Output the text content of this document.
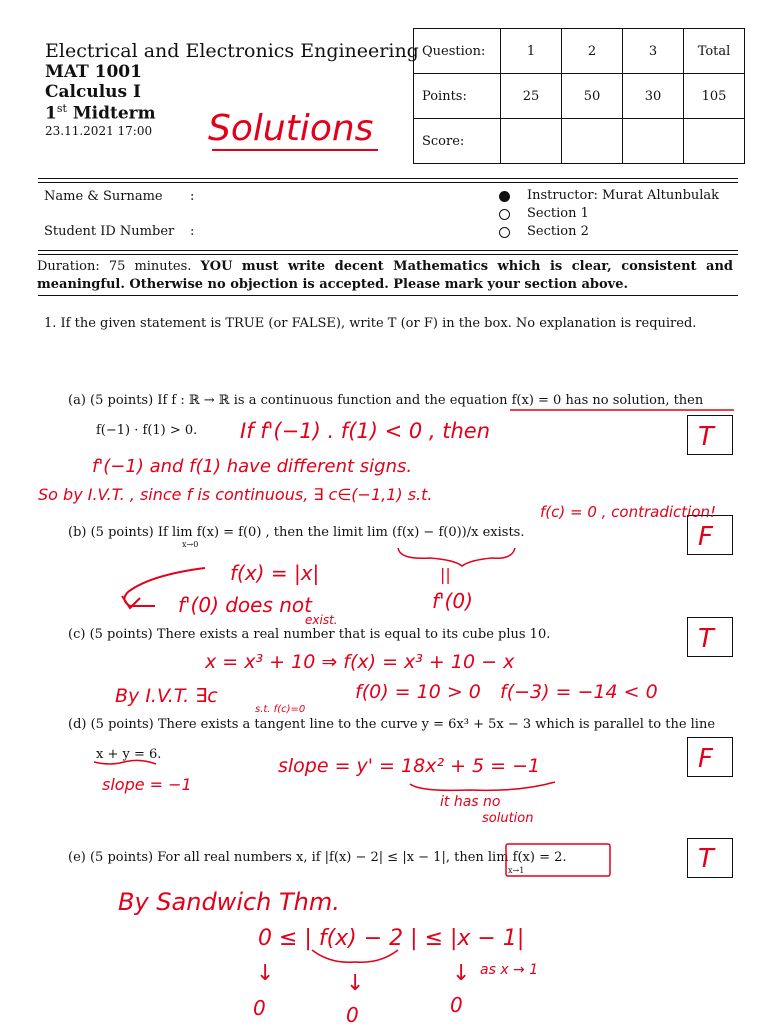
Electrical and Electronics Engineering
MAT 1001
Calculus I
1st Midterm
23.11.2021 17:00
Question:	1	2	3	Total
Points:	25	50	30	105
Score:				
Name & Surname :
Student ID Number :
Instructor: Murat Altunbulak
Section 1
Section 2
Duration: 75 minutes. YOU must write decent Mathematics which is clear, consistent and meaningful. Otherwise no objection is accepted. Please mark your section above.
1. If the given statement is TRUE (or FALSE), write T (or F) in the box. No explanation is required.
(a) (5 points) If f : ℝ → ℝ is a continuous function and the equation f(x) = 0 has no solution, then
f(−1) · f(1) > 0.
(b) (5 points) If lim f(x) = f(0) , then the limit lim (f(x) − f(0))/x exists.
x→0
(c) (5 points) There exists a real number that is equal to its cube plus 10.
(d) (5 points) There exists a tangent line to the curve y = 6x³ + 5x − 3 which is parallel to the line
x + y = 6.
(e) (5 points) For all real numbers x, if |f(x) − 2| ≤ |x − 1|, then lim f(x) = 2.
x→1
Solutions
T
F
T
F
T
If f'(−1) . f(1) < 0 , then
f'(−1) and f(1) have different signs.
So by I.V.T. , since f is continuous, ∃ c∈(−1,1) s.t.
f(c) = 0 , contradiction!
f(x) = |x|
f'(0) does not
exist.
||
f'(0)
x = x³ + 10 ⇒ f(x) = x³ + 10 − x
By I.V.T. ∃c
s.t. f(c)=0
f(0) = 10 > 0 f(−3) = −14 < 0
slope = y' = 18x² + 5 = −1
slope = −1
it has no
solution
By Sandwich Thm.
0 ≤ | f(x) − 2 | ≤ |x − 1|
↓	↓	↓ as x → 1
0	0	0
